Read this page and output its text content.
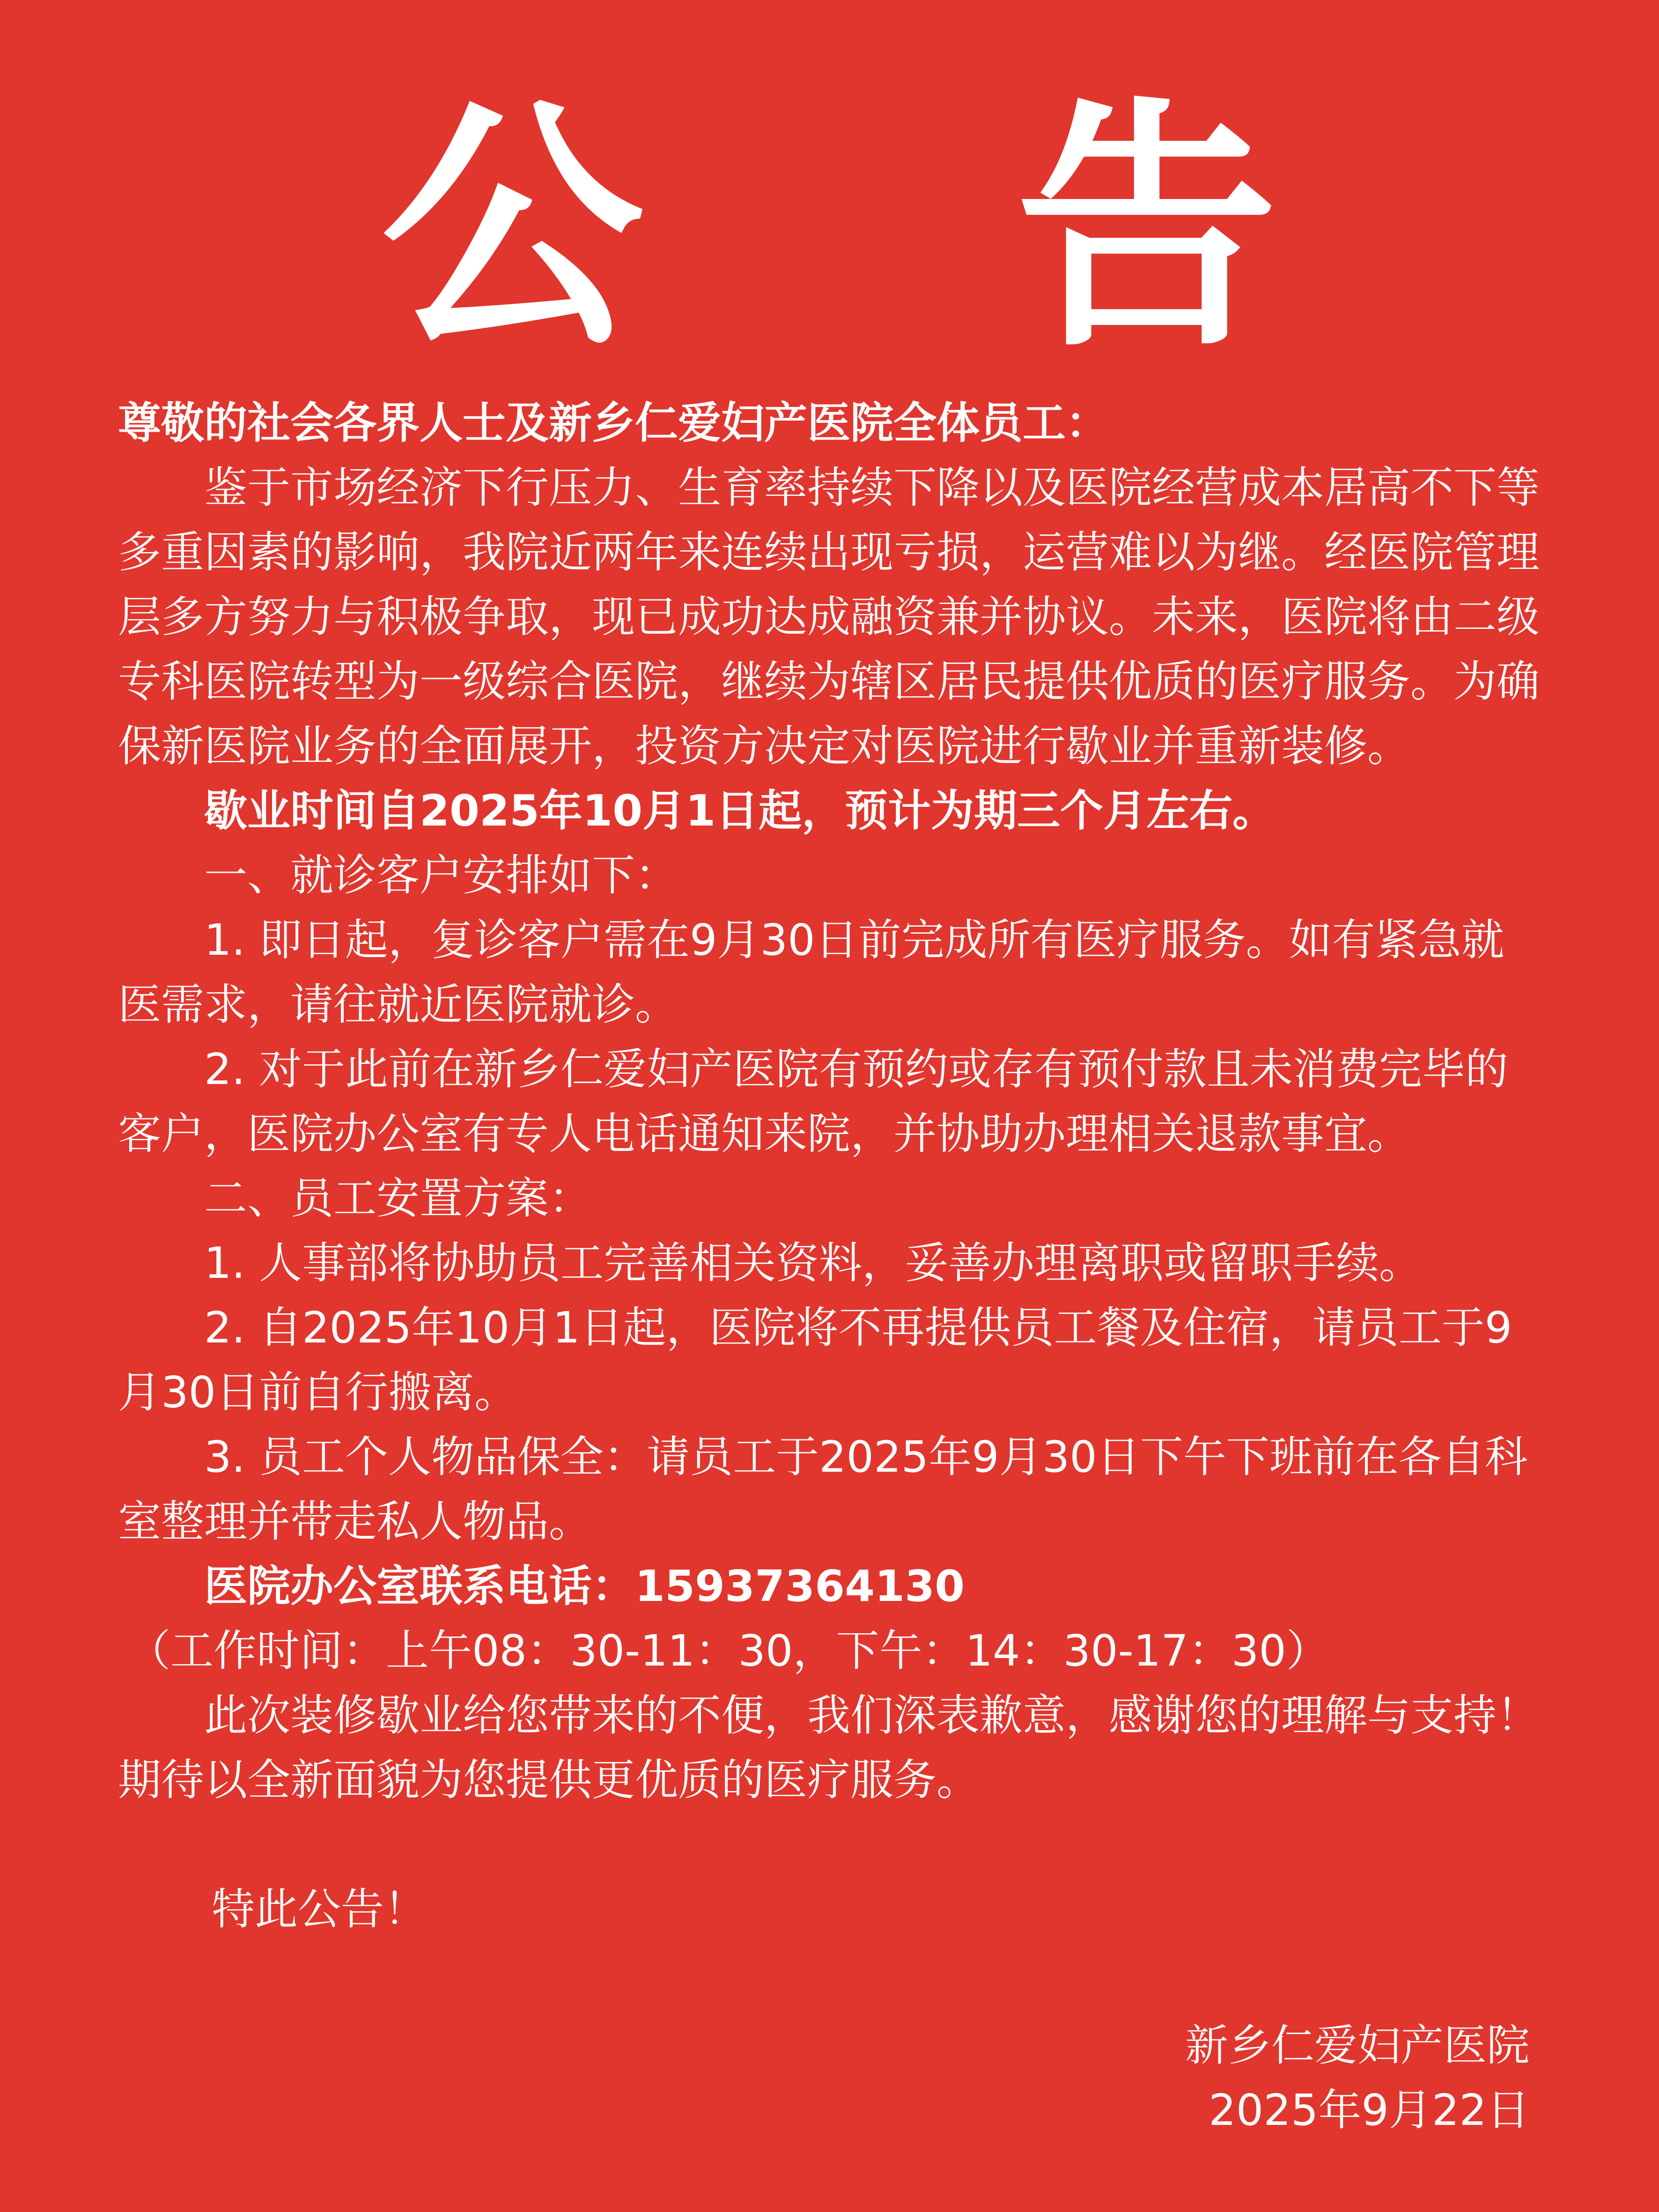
公 告

尊敬的社会各界人士及新乡仁爱妇产医院全体员工：

鉴于市场经济下行压力、生育率持续下降以及医院经营成本居高不下等多重因素的影响，我院近两年来连续出现亏损，运营难以为继。经医院管理层多方努力与积极争取，现已成功达成融资兼并协议。未来，医院将由二级专科医院转型为一级综合医院，继续为辖区居民提供优质的医疗服务。为确保新医院业务的全面展开，投资方决定对医院进行歇业并重新装修。

歇业时间自2025年10月1日起，预计为期三个月左右。

一、就诊客户安排如下：

1. 即日起，复诊客户需在9月30日前完成所有医疗服务。如有紧急就医需求，请往就近医院就诊。

2. 对于此前在新乡仁爱妇产医院有预约或存有预付款且未消费完毕的客户，医院办公室有专人电话通知来院，并协助办理相关退款事宜。

二、员工安置方案：

1. 人事部将协助员工完善相关资料，妥善办理离职或留职手续。

2. 自2025年10月1日起，医院将不再提供员工餐及住宿，请员工于9月30日前自行搬离。

3. 员工个人物品保全：请员工于2025年9月30日下午下班前在各自科室整理并带走私人物品。

医院办公室联系电话：15937364130

（工作时间：上午08：30-11：30，下午：14：30-17：30）

此次装修歇业给您带来的不便，我们深表歉意，感谢您的理解与支持！期待以全新面貌为您提供更优质的医疗服务。

特此公告！

新乡仁爱妇产医院
2025年9月22日
